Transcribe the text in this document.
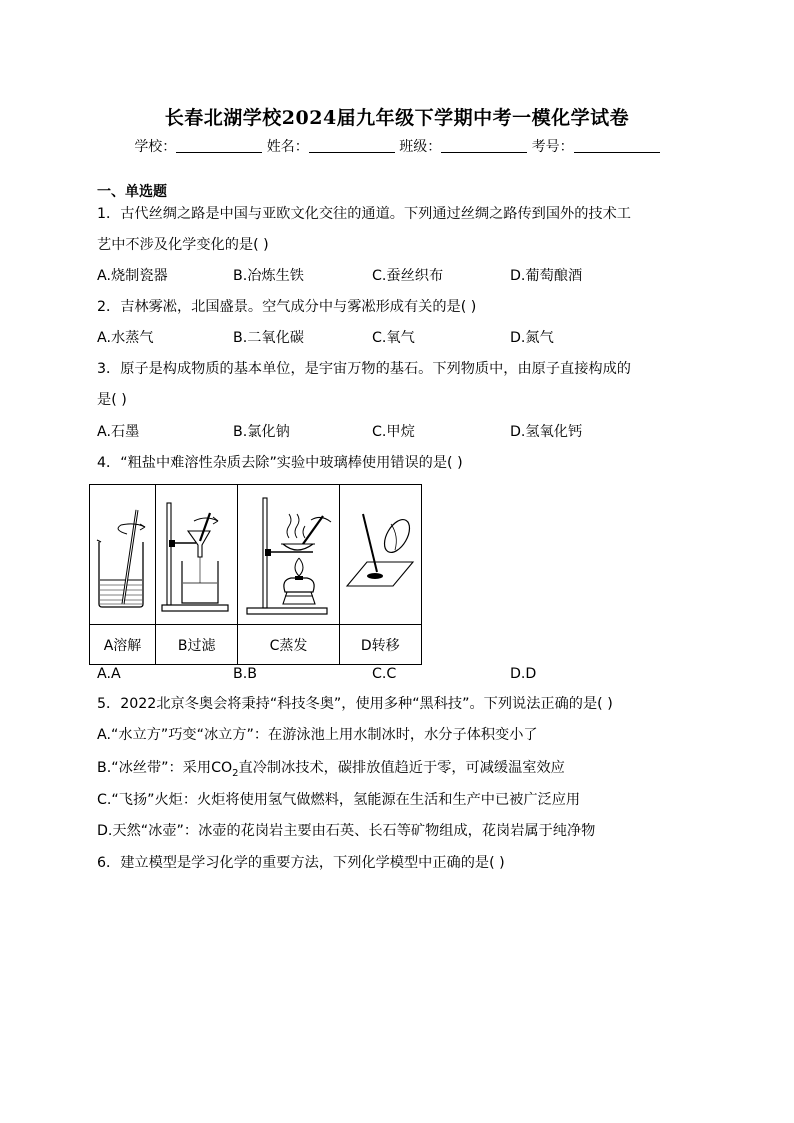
长春北湖学校2024届九年级下学期中考一模化学试卷
学校：	姓名：	班级：	考号：
一、单选题
1．古代丝绸之路是中国与亚欧文化交往的通道。下列通过丝绸之路传到国外的技术工
艺中不涉及化学变化的是( )
A.烧制瓷器	B.冶炼生铁	C.蚕丝织布	D.葡萄酿酒
2．吉林雾凇，北国盛景。空气成分中与雾凇形成有关的是( )
A.水蒸气	B.二氧化碳	C.氧气	D.氮气
3．原子是构成物质的基本单位，是宇宙万物的基石。下列物质中，由原子直接构成的
是( )
A.石墨	B.氯化钠	C.甲烷	D.氢氧化钙
4．“粗盐中难溶性杂质去除”实验中玻璃棒使用错误的是( )

A溶解	B过滤	C蒸发	D转移
A.A	B.B	C.C	D.D
5．2022北京冬奥会将秉持“科技冬奥”，使用多种“黑科技”。下列说法正确的是( )
A.“水立方”巧变“冰立方”：在游泳池上用水制冰时，水分子体积变小了
B.“冰丝带”：采用$CO_2$直冷制冰技术，碳排放值趋近于零，可减缓温室效应
C.“飞扬”火炬：火炬将使用氢气做燃料，氢能源在生活和生产中已被广泛应用
D.天然“冰壶”：冰壶的花岗岩主要由石英、长石等矿物组成，花岗岩属于纯净物
6．建立模型是学习化学的重要方法，下列化学模型中正确的是( )
